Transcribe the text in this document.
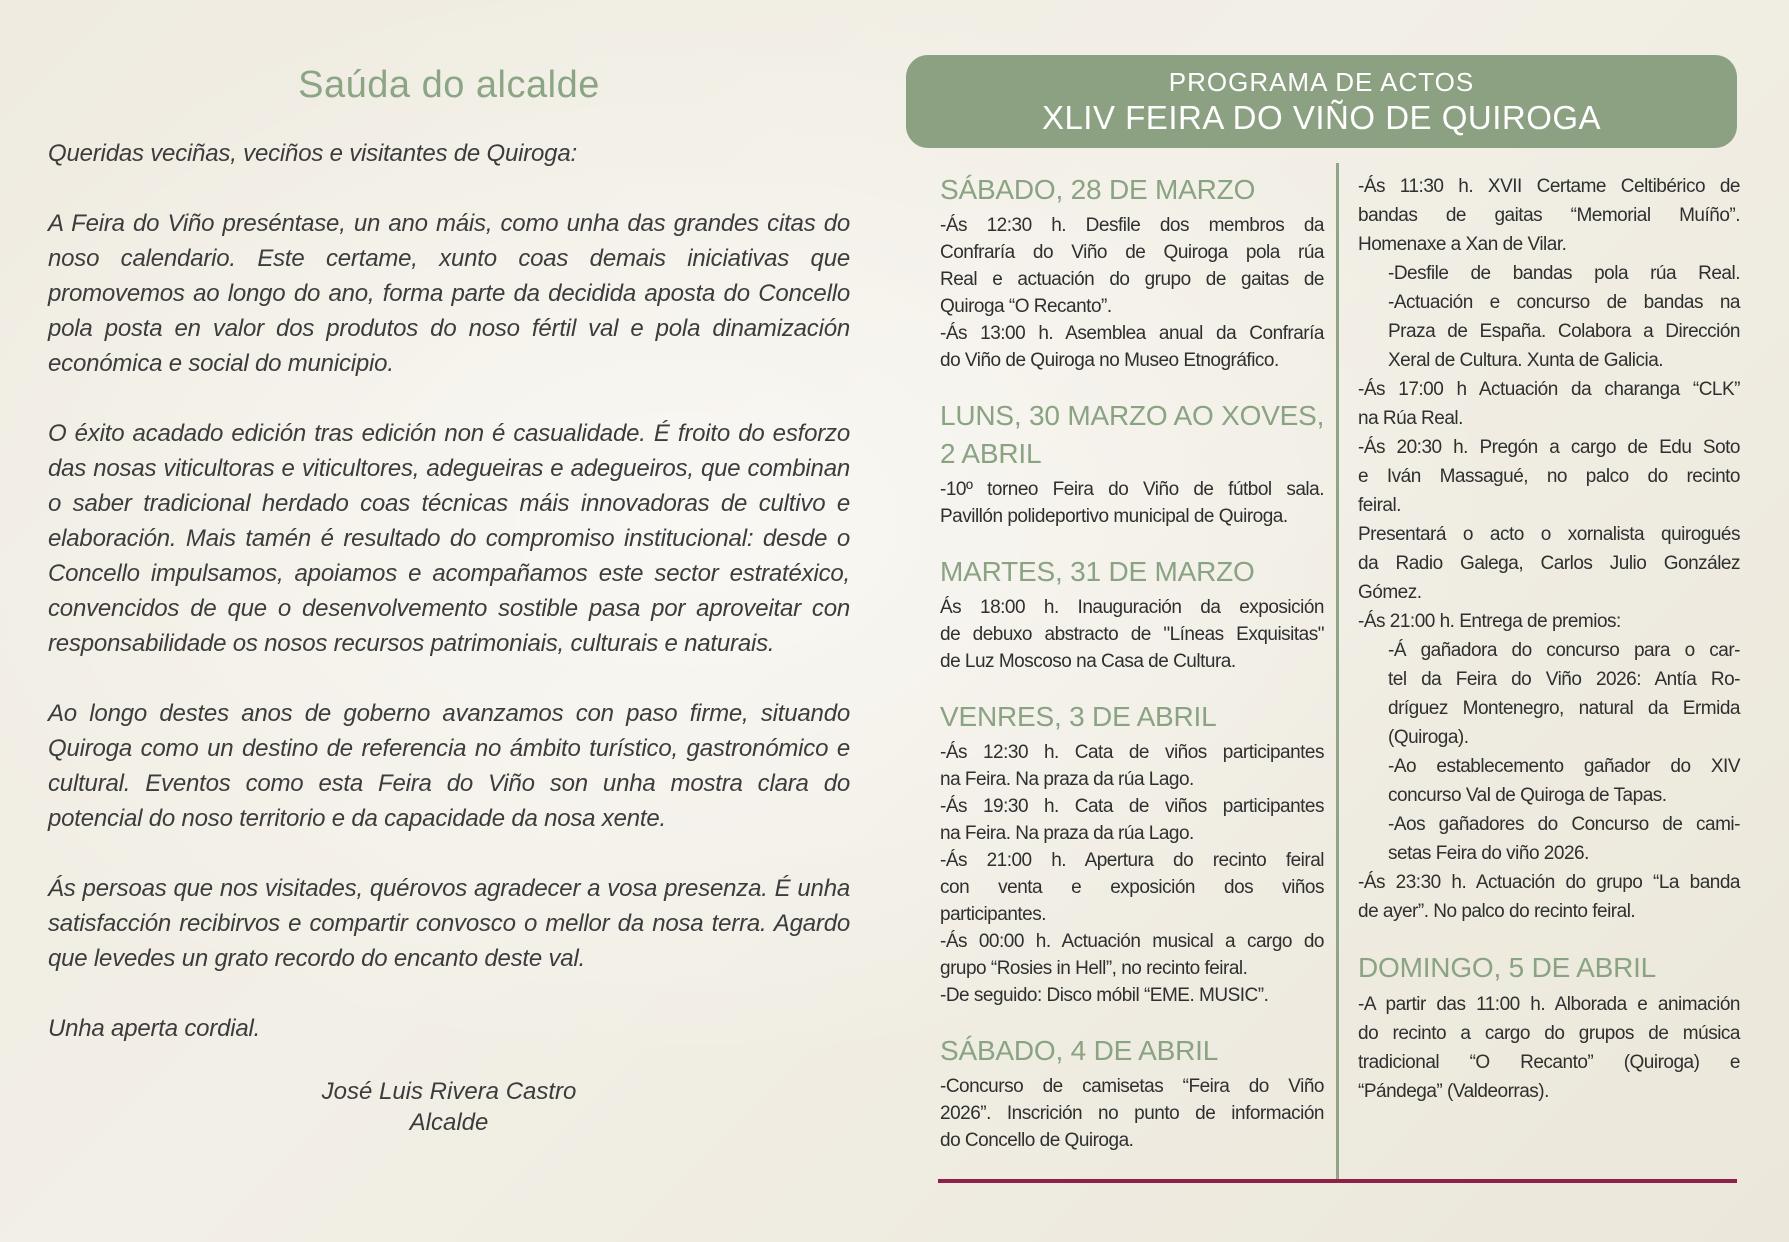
Saúda do alcalde
Queridas veciñas, veciños e visitantes de Quiroga:
A Feira do Viño preséntase, un ano máis, como unha das grandes citas do noso calendario. Este certame, xunto coas demais iniciativas que promovemos ao longo do ano, forma parte da decidida aposta do Concello pola posta en valor dos produtos do noso fértil val e pola dinamización económica e social do municipio.
O éxito acadado edición tras edición non é casualidade. É froito do esforzo das nosas viticultoras e viticultores, adegueiras e adegueiros, que combinan o saber tradicional herdado coas técnicas máis innovadoras de cultivo e elaboración. Mais tamén é resultado do compromiso institucional: desde o Concello impulsamos, apoiamos e acompañamos este sector estratéxico, convencidos de que o desenvolvemento sostible pasa por aproveitar con responsabilidade os nosos recursos patrimoniais, culturais e naturais.
Ao longo destes anos de goberno avanzamos con paso firme, situando Quiroga como un destino de referencia no ámbito turístico, gastronómico e cultural. Eventos como esta Feira do Viño son unha mostra clara do potencial do noso territorio e da capacidade da nosa xente.
Ás persoas que nos visitades, quérovos agradecer a vosa presenza. É unha satisfacción recibirvos e compartir convosco o mellor da nosa terra. Agardo que levedes un grato recordo do encanto deste val.
Unha aperta cordial.
José Luis Rivera Castro
Alcalde
PROGRAMA DE ACTOS
XLIV FEIRA DO VIÑO DE QUIROGA
SÁBADO, 28 DE MARZO
-Ás 12:30 h. Desfile dos membros da
Confraría do Viño de Quiroga pola rúa
Real e actuación do grupo de gaitas de
Quiroga “O Recanto”.
-Ás 13:00 h. Asemblea anual da Confraría
do Viño de Quiroga no Museo Etnográfico.
LUNS, 30 MARZO AO XOVES,
2 ABRIL
-10º torneo Feira do Viño de fútbol sala.
Pavillón polideportivo municipal de Quiroga.
MARTES, 31 DE MARZO
Ás 18:00 h. Inauguración da exposición
de debuxo abstracto de "Líneas Exquisitas"
de Luz Moscoso na Casa de Cultura.
VENRES, 3 DE ABRIL
-Ás 12:30 h. Cata de viños participantes
na Feira. Na praza da rúa Lago.
-Ás 19:30 h. Cata de viños participantes
na Feira. Na praza da rúa Lago.
-Ás 21:00 h. Apertura do recinto feiral
con venta e exposición dos viños
participantes.
-Ás 00:00 h. Actuación musical a cargo do
grupo “Rosies in Hell”, no recinto feiral.
-De seguido: Disco móbil “EME. MUSIC”.
SÁBADO, 4 DE ABRIL
-Concurso de camisetas “Feira do Viño
2026”. Inscrición no punto de información
do Concello de Quiroga.
-Ás 11:30 h. XVII Certame Celtibérico de
bandas de gaitas “Memorial Muíño”.
Homenaxe a Xan de Vilar.
-Desfile de bandas pola rúa Real.
-Actuación e concurso de bandas na
Praza de España. Colabora a Dirección
Xeral de Cultura. Xunta de Galicia.
-Ás 17:00 h Actuación da charanga “CLK”
na Rúa Real.
-Ás 20:30 h. Pregón a cargo de Edu Soto
e Iván Massagué, no palco do recinto
feiral.
Presentará o acto o xornalista quirogués
da Radio Galega, Carlos Julio González
Gómez.
-Ás 21:00 h. Entrega de premios:
-Á gañadora do concurso para o car-
tel da Feira do Viño 2026: Antía Ro-
dríguez Montenegro, natural da Ermida
(Quiroga).
-Ao establecemento gañador do XIV
concurso Val de Quiroga de Tapas.
-Aos gañadores do Concurso de cami-
setas Feira do viño 2026.
-Ás 23:30 h. Actuación do grupo “La banda
de ayer”. No palco do recinto feiral.
DOMINGO, 5 DE ABRIL
-A partir das 11:00 h. Alborada e animación
do recinto a cargo do grupos de música
tradicional “O Recanto” (Quiroga) e
“Pándega” (Valdeorras).
